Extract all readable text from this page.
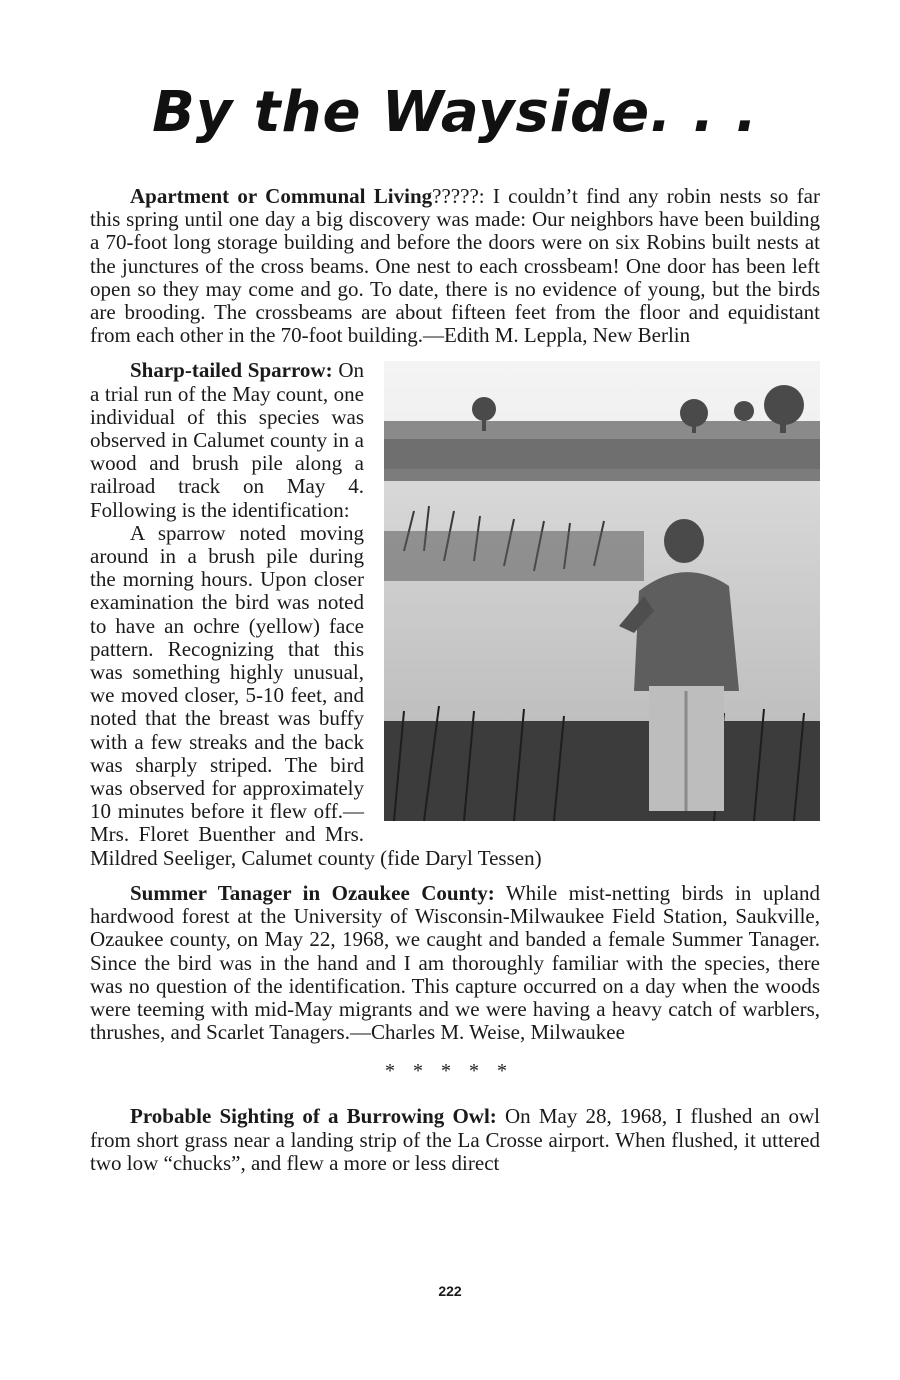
By the Wayside. . .

Apartment or Communal Living?????: I couldn’t find any robin nests so far this spring until one day a big discovery was made: Our neighbors have been building a 70-foot long storage building and before the doors were on six Robins built nests at the junctures of the cross beams. One nest to each crossbeam! One door has been left open so they may come and go. To date, there is no evidence of young, but the birds are brooding. The crossbeams are about fifteen feet from the floor and equidistant from each other in the 70-foot building.—Edith M. Leppla, New Berlin

Sharp-tailed Sparrow: On a trial run of the May count, one individual of this species was observed in Calumet county in a wood and brush pile along a railroad track on May 4. Following is the identification:

A sparrow noted moving around in a brush pile during the morning hours. Upon closer examination the bird was noted to have an ochre (yellow) face pattern. Recognizing that this was something highly unusual, we moved closer, 5-10 feet, and noted that the breast was buffy with a few streaks and the back was sharply striped. The bird was observed for approximately 10 minutes before it flew off.—Mrs. Floret Buenther and Mrs. Mildred Seeliger, Calumet county (fide Daryl Tessen)

Summer Tanager in Ozaukee County: While mist-netting birds in upland hardwood forest at the University of Wisconsin-Milwaukee Field Station, Saukville, Ozaukee county, on May 22, 1968, we caught and banded a female Summer Tanager. Since the bird was in the hand and I am thoroughly familiar with the species, there was no question of the identification. This capture occurred on a day when the woods were teeming with mid-May migrants and we were having a heavy catch of warblers, thrushes, and Scarlet Tanagers.—Charles M. Weise, Milwaukee

*****

Probable Sighting of a Burrowing Owl: On May 28, 1968, I flushed an owl from short grass near a landing strip of the La Crosse airport. When flushed, it uttered two low “chucks”, and flew a more or less direct

222
